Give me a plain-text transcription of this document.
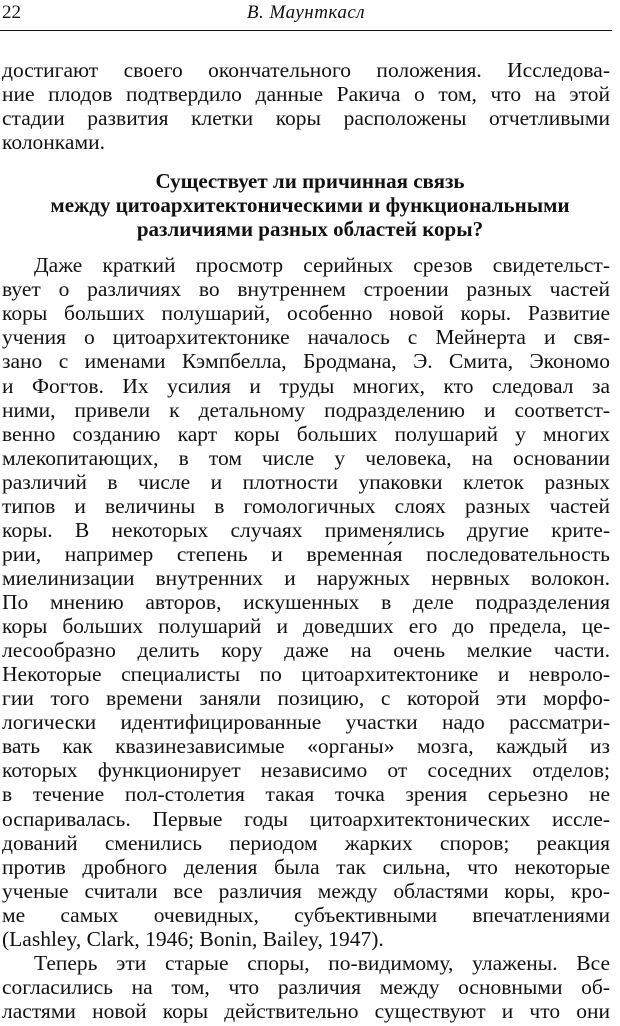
22	В. Маунткасл
достигают своего окончательного положения. Исследова-
ние плодов подтвердило данные Ракича о том, что на этой
стадии развития клетки коры расположены отчетливыми
колонками.
Существует ли причинная связь
между цитоархитектоническими и функциональными
различиями разных областей коры?
Даже краткий просмотр серийных срезов свидетельст-
вует о различиях во внутреннем строении разных частей
коры больших полушарий, особенно новой коры. Развитие
учения о цитоархитектонике началось с Мейнерта и свя-
зано с именами Кэмпбелла, Бродмана, Э. Смита, Экономо
и Фогтов. Их усилия и труды многих, кто следовал за
ними, привели к детальному подразделению и соответст-
венно созданию карт коры больших полушарий у многих
млекопитающих, в том числе у человека, на основании
различий в числе и плотности упаковки клеток разных
типов и величины в гомологичных слоях разных частей
коры. В некоторых случаях применялись другие крите-
рии, например степень и временна́я последовательность
миелинизации внутренних и наружных нервных волокон.
По мнению авторов, искушенных в деле подразделения
коры больших полушарий и доведших его до предела, це-
лесообразно делить кору даже на очень мелкие части.
Некоторые специалисты по цитоархитектонике и невроло-
гии того времени заняли позицию, с которой эти морфо-
логически идентифицированные участки надо рассматри-
вать как квазинезависимые «органы» мозга, каждый из
которых функционирует независимо от соседних отделов;
в течение пол-столетия такая точка зрения серьезно не
оспаривалась. Первые годы цитоархитектонических иссле-
дований сменились периодом жарких споров; реакция
против дробного деления была так сильна, что некоторые
ученые считали все различия между областями коры, кро-
ме самых очевидных, субъективными впечатлениями
(Lashley, Clark, 1946; Bonin, Bailey, 1947).
Теперь эти старые споры, по-видимому, улажены. Все
согласились на том, что различия между основными об-
ластями новой коры действительно существуют и что они
